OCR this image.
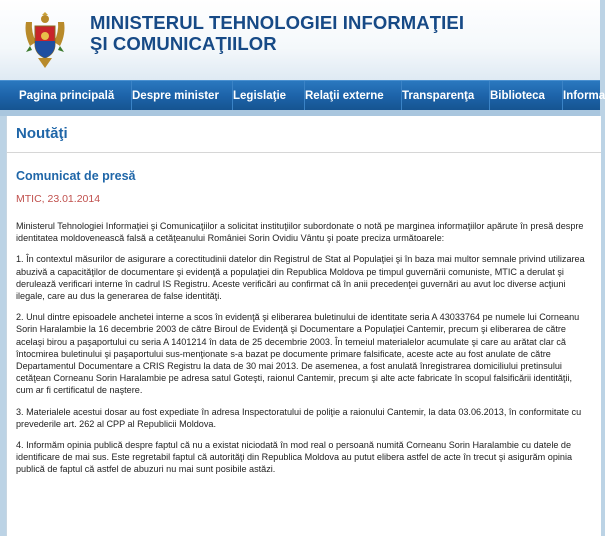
MINISTERUL TEHNOLOGIEI INFORMAŢIEI
ŞI COMUNICAŢIILOR
Pagina principală Despre minister Legislaţie Relaţii externe Transparenţa Biblioteca Informa
Noutăţi
Comunicat de presă
MTIC, 23.01.2014

Ministerul Tehnologiei Informaţiei şi Comunicaţiilor a solicitat instituţiilor subordonate o notă pe marginea informaţiilor apărute în presă despre identitatea moldovenească falsă a cetăţeanului României Sorin Ovidiu Vântu şi poate preciza următoarele:

1. În contextul măsurilor de asigurare a corectitudinii datelor din Registrul de Stat al Populaţiei şi în baza mai multor semnale privind utilizarea abuzivă a capacităţilor de documentare şi evidenţă a populaţiei din Republica Moldova pe timpul guvernării comuniste, MTIC a derulat şi derulează verificari interne în cadrul IS Registru. Aceste verificări au confirmat că în anii precedenţei guvernări au avut loc diverse acţiuni ilegale, care au dus la generarea de false identităţi.

2. Unul dintre episoadele anchetei interne a scos în evidenţă şi eliberarea buletinului de identitate seria A 43033764 pe numele lui Corneanu Sorin Haralambie la 16 decembrie 2003 de către Biroul de Evidenţă şi Documentare a Populaţiei Cantemir, precum şi eliberarea de către acelaşi birou a paşaportului cu seria A 1401214 în data de 25 decembrie 2003. În temeiul materialelor acumulate şi care au arătat clar că întocmirea buletinului şi paşaportului sus-menţionate s-a bazat pe documente primare falsificate, aceste acte au fost anulate de către Departamentul Documentare a CRIS Registru la data de 30 mai 2013. De asemenea, a fost anulată înregistrarea domiciliului pretinsului cetăţean Corneanu Sorin Haralambie pe adresa satul Goteşti, raionul Cantemir, precum şi alte acte fabricate în scopul falsificării identităţii, cum ar fi certificatul de naştere.

3. Materialele acestui dosar au fost expediate în adresa Inspectoratului de poliţie a raionului Cantemir, la data 03.06.2013, în conformitate cu prevederile art. 262 al CPP al Republicii Moldova.

4. Informăm opinia publică despre faptul că nu a existat niciodată în mod real o persoană numită Corneanu Sorin Haralambie cu datele de identificare de mai sus. Este regretabil faptul că autorităţi din Republica Moldova au putut elibera astfel de acte în trecut şi asigurăm opinia publică de faptul că astfel de abuzuri nu mai sunt posibile astăzi.
